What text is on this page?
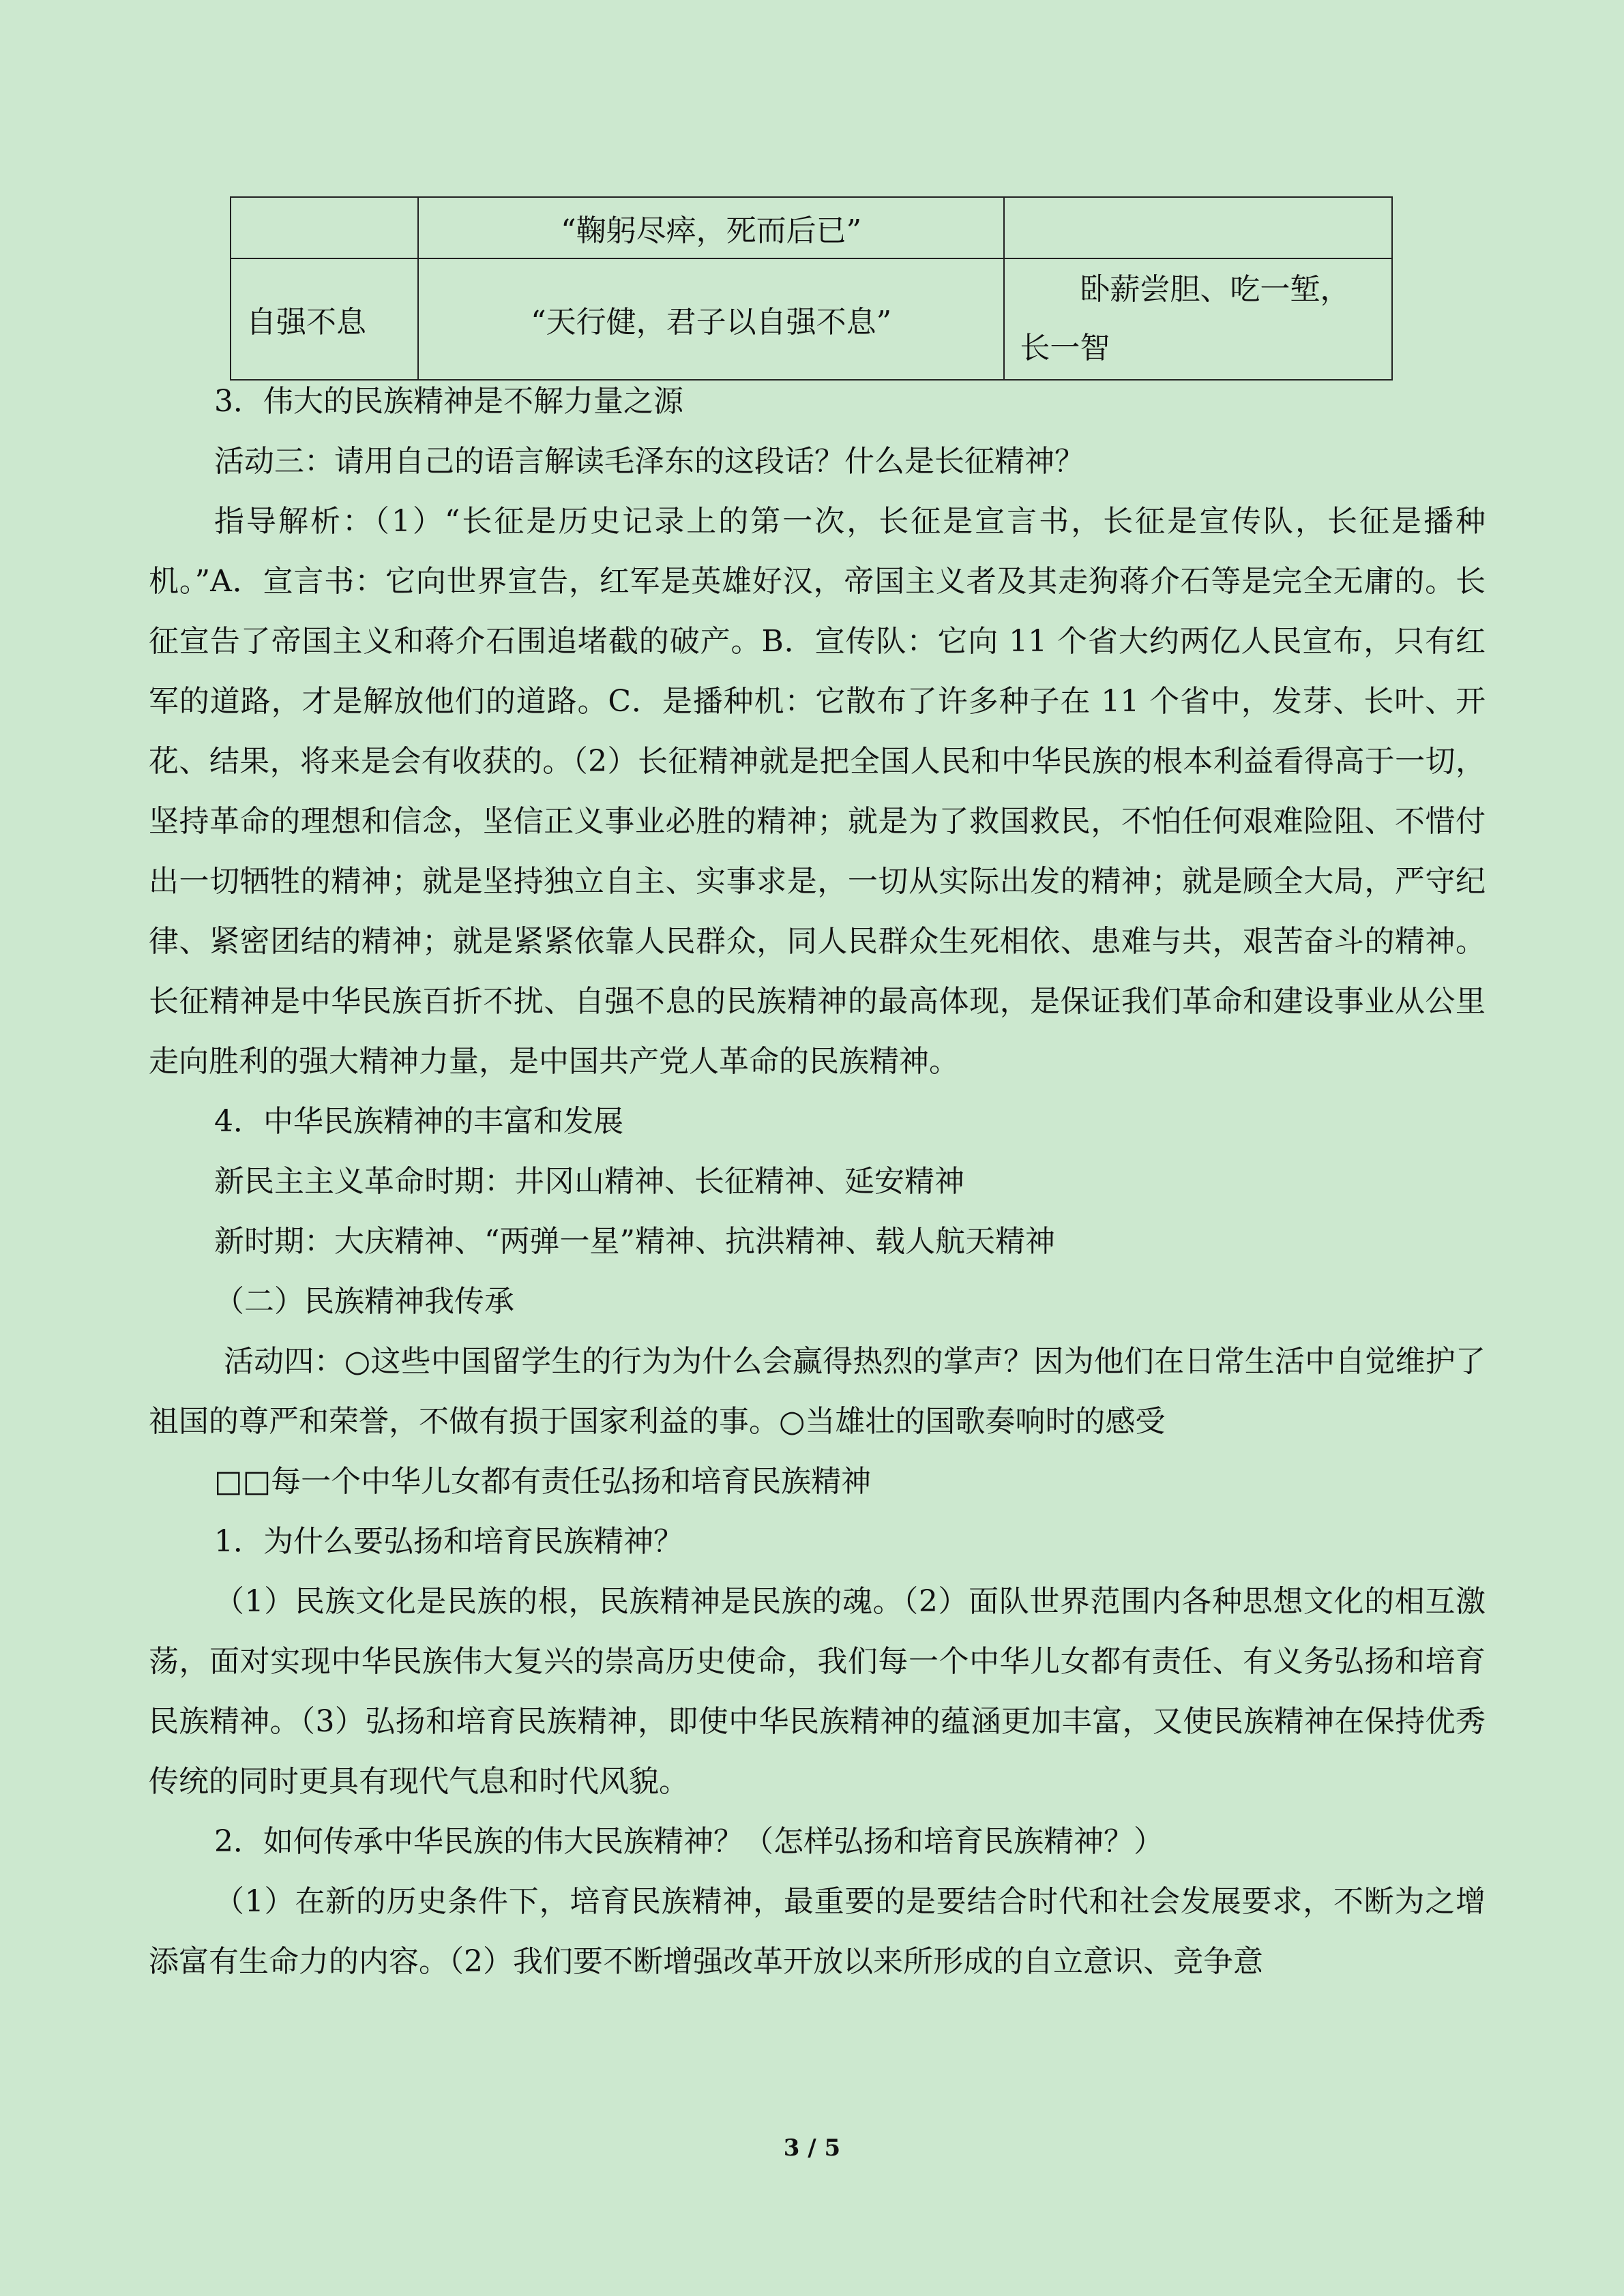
	“鞠躬尽瘁，死而后已”	
自强不息	“天行健，君子以自强不息”	卧薪尝胆、吃一堑，长一智

3．伟大的民族精神是不解力量之源

活动三：请用自己的语言解读毛泽东的这段话？什么是长征精神？

指导解析：（1）“长征是历史记录上的第一次，长征是宣言书，长征是宣传队，长征是播种机。”A．宣言书：它向世界宣告，红军是英雄好汉，帝国主义者及其走狗蒋介石等是完全无庸的。长征宣告了帝国主义和蒋介石围追堵截的破产。B．宣传队：它向 11 个省大约两亿人民宣布，只有红军的道路，才是解放他们的道路。C．是播种机：它散布了许多种子在 11 个省中，发芽、长叶、开花、结果，将来是会有收获的。（2）长征精神就是把全国人民和中华民族的根本利益看得高于一切，坚持革命的理想和信念，坚信正义事业必胜的精神；就是为了救国救民，不怕任何艰难险阻、不惜付出一切牺牲的精神；就是坚持独立自主、实事求是，一切从实际出发的精神；就是顾全大局，严守纪律、紧密团结的精神；就是紧紧依靠人民群众，同人民群众生死相依、患难与共，艰苦奋斗的精神。长征精神是中华民族百折不扰、自强不息的民族精神的最高体现，是保证我们革命和建设事业从公里走向胜利的强大精神力量，是中国共产党人革命的民族精神。

4．中华民族精神的丰富和发展

新民主主义革命时期：井冈山精神、长征精神、延安精神

新时期：大庆精神、“两弹一星”精神、抗洪精神、载人航天精神

（二）民族精神我传承

活动四：○这些中国留学生的行为为什么会赢得热烈的掌声？因为他们在日常生活中自觉维护了祖国的尊严和荣誉，不做有损于国家利益的事。○当雄壮的国歌奏响时的感受

□□每一个中华儿女都有责任弘扬和培育民族精神

1．为什么要弘扬和培育民族精神？

（1）民族文化是民族的根，民族精神是民族的魂。（2）面队世界范围内各种思想文化的相互激荡，面对实现中华民族伟大复兴的崇高历史使命，我们每一个中华儿女都有责任、有义务弘扬和培育民族精神。（3）弘扬和培育民族精神，即使中华民族精神的蕴涵更加丰富，又使民族精神在保持优秀传统的同时更具有现代气息和时代风貌。

2．如何传承中华民族的伟大民族精神？（怎样弘扬和培育民族精神？）

（1）在新的历史条件下，培育民族精神，最重要的是要结合时代和社会发展要求，不断为之增添富有生命力的内容。（2）我们要不断增强改革开放以来所形成的自立意识、竞争意

3 / 5
